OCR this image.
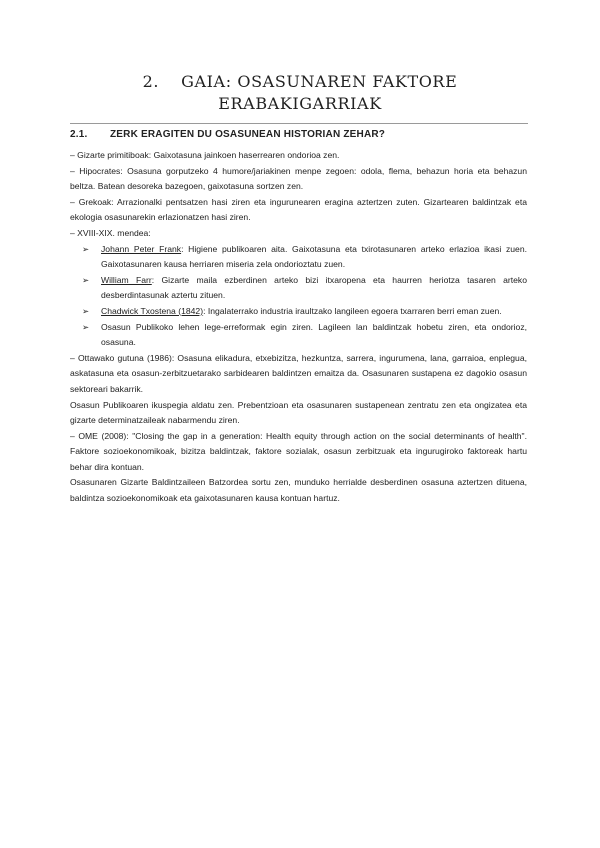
2. GAIA: OSASUNAREN FAKTORE
ERABAKIGARRIAK
2.1. ZERK ERAGITEN DU OSASUNEAN HISTORIAN ZEHAR?

– Gizarte primitiboak: Gaixotasuna jainkoen haserrearen ondorioa zen.

– Hipocrates: Osasuna gorputzeko 4 humore/jariakinen menpe zegoen: odola, flema, behazun horia eta behazun beltza. Batean desoreka bazegoen, gaixotasuna sortzen zen.

– Grekoak: Arrazionalki pentsatzen hasi ziren eta ingurunearen eragina aztertzen zuten. Gizartearen baldintzak eta ekologia osasunarekin erlazionatzen hasi ziren.

– XVIII-XIX. mendea:

➢ Johann Peter Frank: Higiene publikoaren aita. Gaixotasuna eta txirotasunaren arteko erlazioa ikasi zuen. Gaixotasunaren kausa herriaren miseria zela ondorioztatu zuen.

➢ William Farr: Gizarte maila ezberdinen arteko bizi itxaropena eta haurren heriotza tasaren arteko desberdintasunak aztertu zituen.

➢ Chadwick Txostena (1842): Ingalaterrako industria iraultzako langileen egoera txarraren berri eman zuen.

➢ Osasun Publikoko lehen lege-erreformak egin ziren. Lagileen lan baldintzak hobetu ziren, eta ondorioz, osasuna.

– Ottawako gutuna (1986): Osasuna elikadura, etxebizitza, hezkuntza, sarrera, ingurumena, lana, garraioa, enplegua, askatasuna eta osasun-zerbitzuetarako sarbidearen baldintzen emaitza da. Osasunaren sustapena ez dagokio osasun sektoreari bakarrik.

Osasun Publikoaren ikuspegia aldatu zen. Prebentzioan eta osasunaren sustapenean zentratu zen eta ongizatea eta gizarte determinatzaileak nabarmendu ziren.

– OME (2008): "Closing the gap in a generation: Health equity through action on the social determinants of health". Faktore sozioekonomikoak, bizitza baldintzak, faktore sozialak, osasun zerbitzuak eta ingurugiroko faktoreak hartu behar dira kontuan.

Osasunaren Gizarte Baldintzaileen Batzordea sortu zen, munduko herrialde desberdinen osasuna aztertzen dituena, baldintza sozioekonomikoak eta gaixotasunaren kausa kontuan hartuz.
